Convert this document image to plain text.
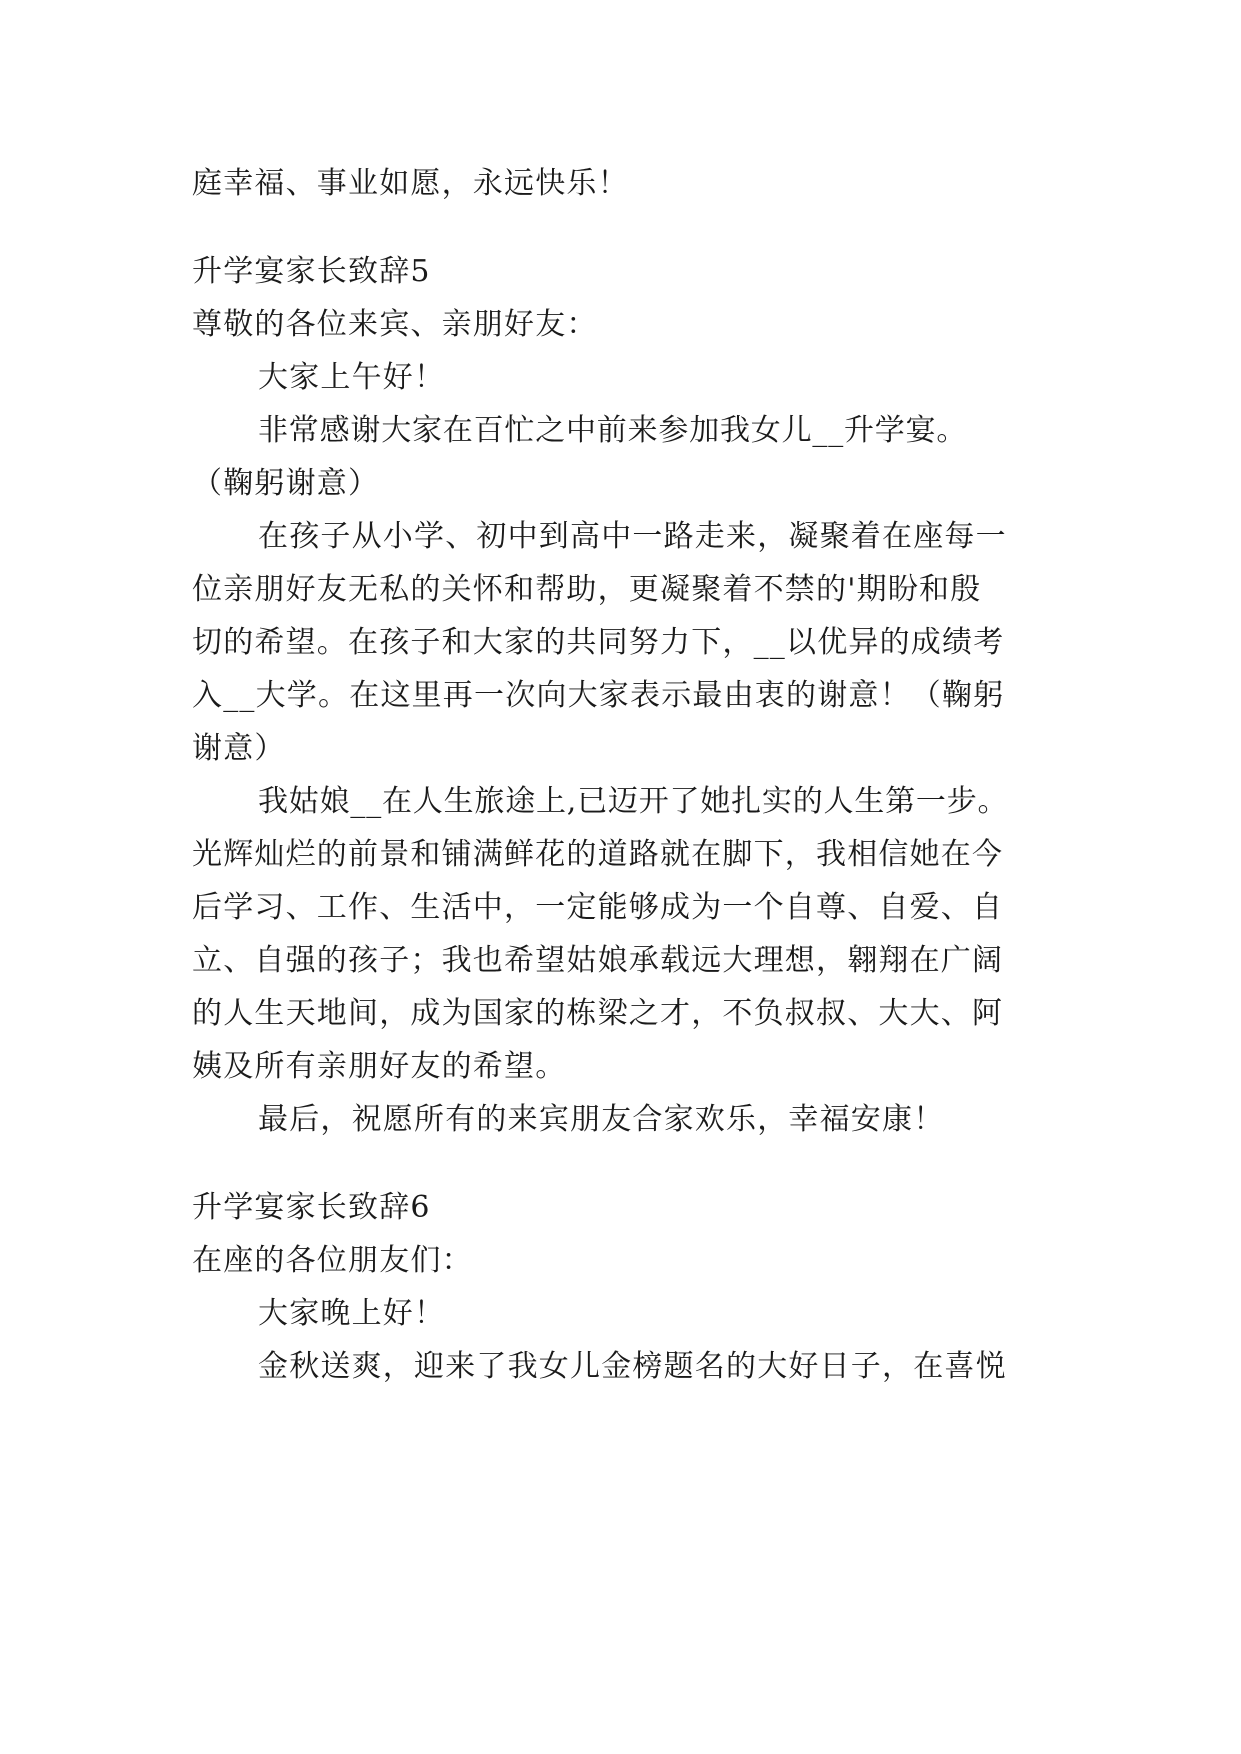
庭幸福、事业如愿，永远快乐！
升学宴家长致辞5
尊敬的各位来宾、亲朋好友：
大家上午好！
非常感谢大家在百忙之中前来参加我女儿__升学宴。
（鞠躬谢意）
在孩子从小学、初中到高中一路走来，凝聚着在座每一
位亲朋好友无私的关怀和帮助，更凝聚着不禁的'期盼和殷
切的希望。在孩子和大家的共同努力下，__以优异的成绩考
入__大学。在这里再一次向大家表示最由衷的谢意！（鞠躬
谢意）
我姑娘__在人生旅途上,已迈开了她扎实的人生第一步。
光辉灿烂的前景和铺满鲜花的道路就在脚下，我相信她在今
后学习、工作、生活中，一定能够成为一个自尊、自爱、自
立、自强的孩子；我也希望姑娘承载远大理想，翱翔在广阔
的人生天地间，成为国家的栋梁之才，不负叔叔、大大、阿
姨及所有亲朋好友的希望。
最后，祝愿所有的来宾朋友合家欢乐，幸福安康！
升学宴家长致辞6
在座的各位朋友们：
大家晚上好！
金秋送爽，迎来了我女儿金榜题名的大好日子，在喜悦
